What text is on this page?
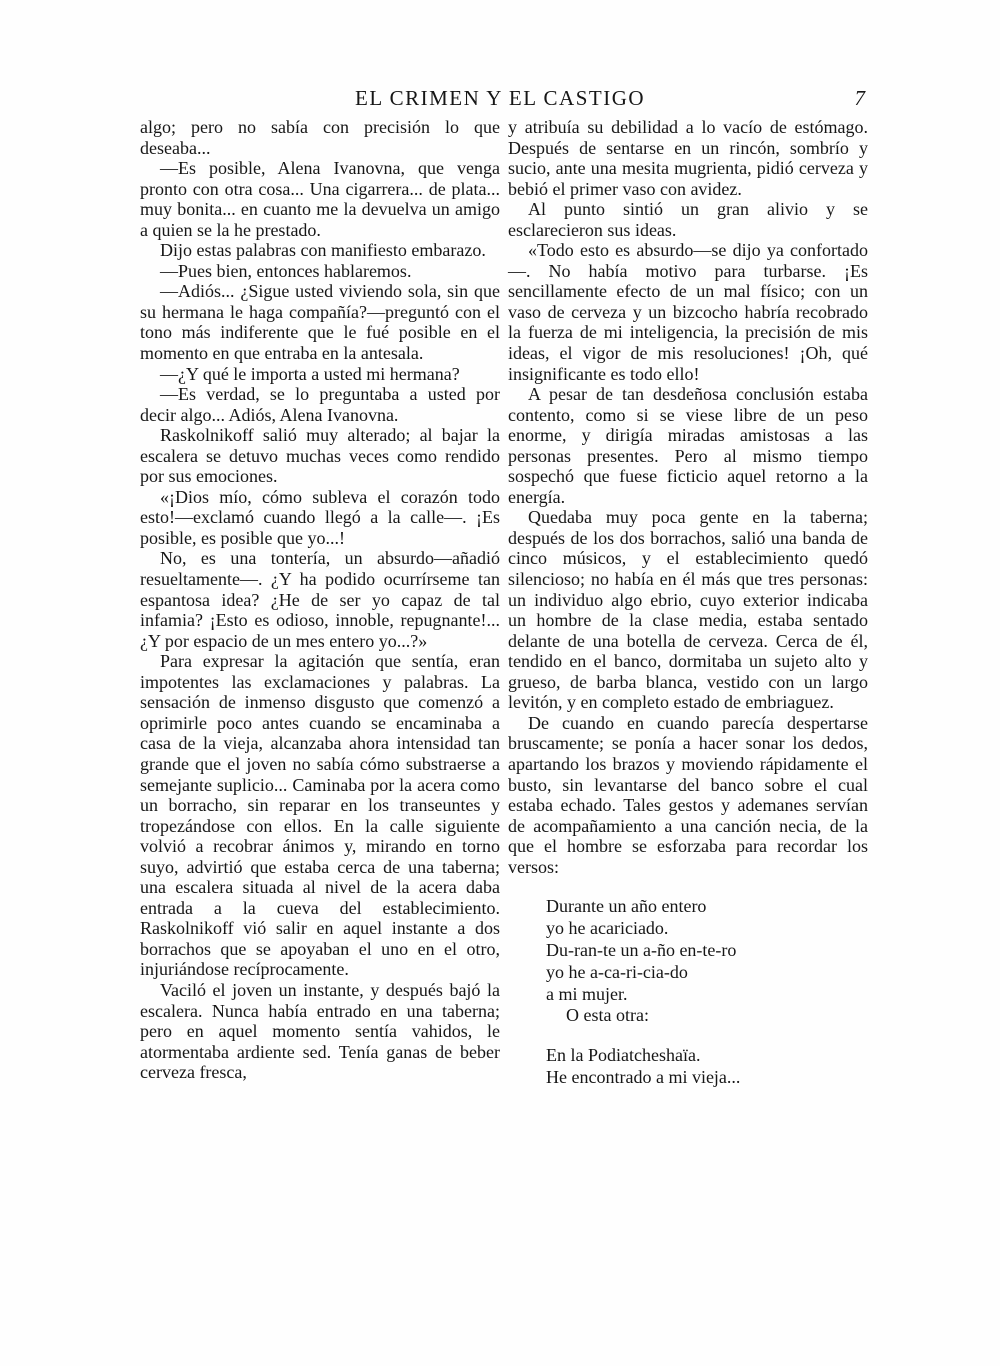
EL CRIMEN Y EL CASTIGO	7

algo; pero no sabía con precisión lo que deseaba...

—Es posible, Alena Ivanovna, que venga pronto con otra cosa... Una cigarrera... de plata... muy bonita... en cuanto me la devuelva un amigo a quien se la he prestado.

Dijo estas palabras con manifiesto embarazo.

—Pues bien, entonces hablaremos.

—Adiós... ¿Sigue usted viviendo sola, sin que su hermana le haga compañía?—preguntó con el tono más indiferente que le fué posible en el momento en que entraba en la antesala.

—¿Y qué le importa a usted mi hermana?

—Es verdad, se lo preguntaba a usted por decir algo... Adiós, Alena Ivanovna.

Raskolnikoff salió muy alterado; al bajar la escalera se detuvo muchas veces como rendido por sus emociones.

«¡Dios mío, cómo subleva el corazón todo esto!—exclamó cuando llegó a la calle—. ¡Es posible, es posible que yo...!

No, es una tontería, un absurdo—añadió resueltamente—. ¿Y ha podido ocurrírseme tan espantosa idea? ¿He de ser yo capaz de tal infamia? ¡Esto es odioso, innoble, repugnante!... ¿Y por espacio de un mes entero yo...?»

Para expresar la agitación que sentía, eran impotentes las exclamaciones y palabras. La sensación de inmenso disgusto que comenzó a oprimirle poco antes cuando se encaminaba a casa de la vieja, alcanzaba ahora intensidad tan grande que el joven no sabía cómo substraerse a semejante suplicio... Caminaba por la acera como un borracho, sin reparar en los transeuntes y tropezándose con ellos. En la calle siguiente volvió a recobrar ánimos y, mirando en torno suyo, advirtió que estaba cerca de una taberna; una escalera situada al nivel de la acera daba entrada a la cueva del establecimiento. Raskolnikoff vió salir en aquel instante a dos borrachos que se apoyaban el uno en el otro, injuriándose recíprocamente.

Vaciló el joven un instante, y después bajó la escalera. Nunca había entrado en una taberna; pero en aquel momento sentía vahidos, le atormentaba ardiente sed. Tenía ganas de beber cerveza fresca,

y atribuía su debilidad a lo vacío de estómago. Después de sentarse en un rincón, sombrío y sucio, ante una mesita mugrienta, pidió cerveza y bebió el primer vaso con avidez.

Al punto sintió un gran alivio y se esclarecieron sus ideas.

«Todo esto es absurdo—se dijo ya confortado—. No había motivo para turbarse. ¡Es sencillamente efecto de un mal físico; con un vaso de cerveza y un bizcocho habría recobrado la fuerza de mi inteligencia, la precisión de mis ideas, el vigor de mis resoluciones! ¡Oh, qué insignificante es todo ello!

A pesar de tan desdeñosa conclusión estaba contento, como si se viese libre de un peso enorme, y dirigía miradas amistosas a las personas presentes. Pero al mismo tiempo sospechó que fuese ficticio aquel retorno a la energía.

Quedaba muy poca gente en la taberna; después de los dos borrachos, salió una banda de cinco músicos, y el establecimiento quedó silencioso; no había en él más que tres personas: un individuo algo ebrio, cuyo exterior indicaba un hombre de la clase media, estaba sentado delante de una botella de cerveza. Cerca de él, tendido en el banco, dormitaba un sujeto alto y grueso, de barba blanca, vestido con un largo levitón, y en completo estado de embriaguez.

De cuando en cuando parecía despertarse bruscamente; se ponía a hacer sonar los dedos, apartando los brazos y moviendo rápidamente el busto, sin levantarse del banco sobre el cual estaba echado. Tales gestos y ademanes servían de acompañamiento a una canción necia, de la que el hombre se esforzaba para recordar los versos:

Durante un año entero
yo he acariciado.
Du-ran-te un a-ño en-te-ro
yo he a-ca-ri-cia-do
a mi mujer.

O esta otra:

En la Podiatcheshaïa.
He encontrado a mi vieja...
